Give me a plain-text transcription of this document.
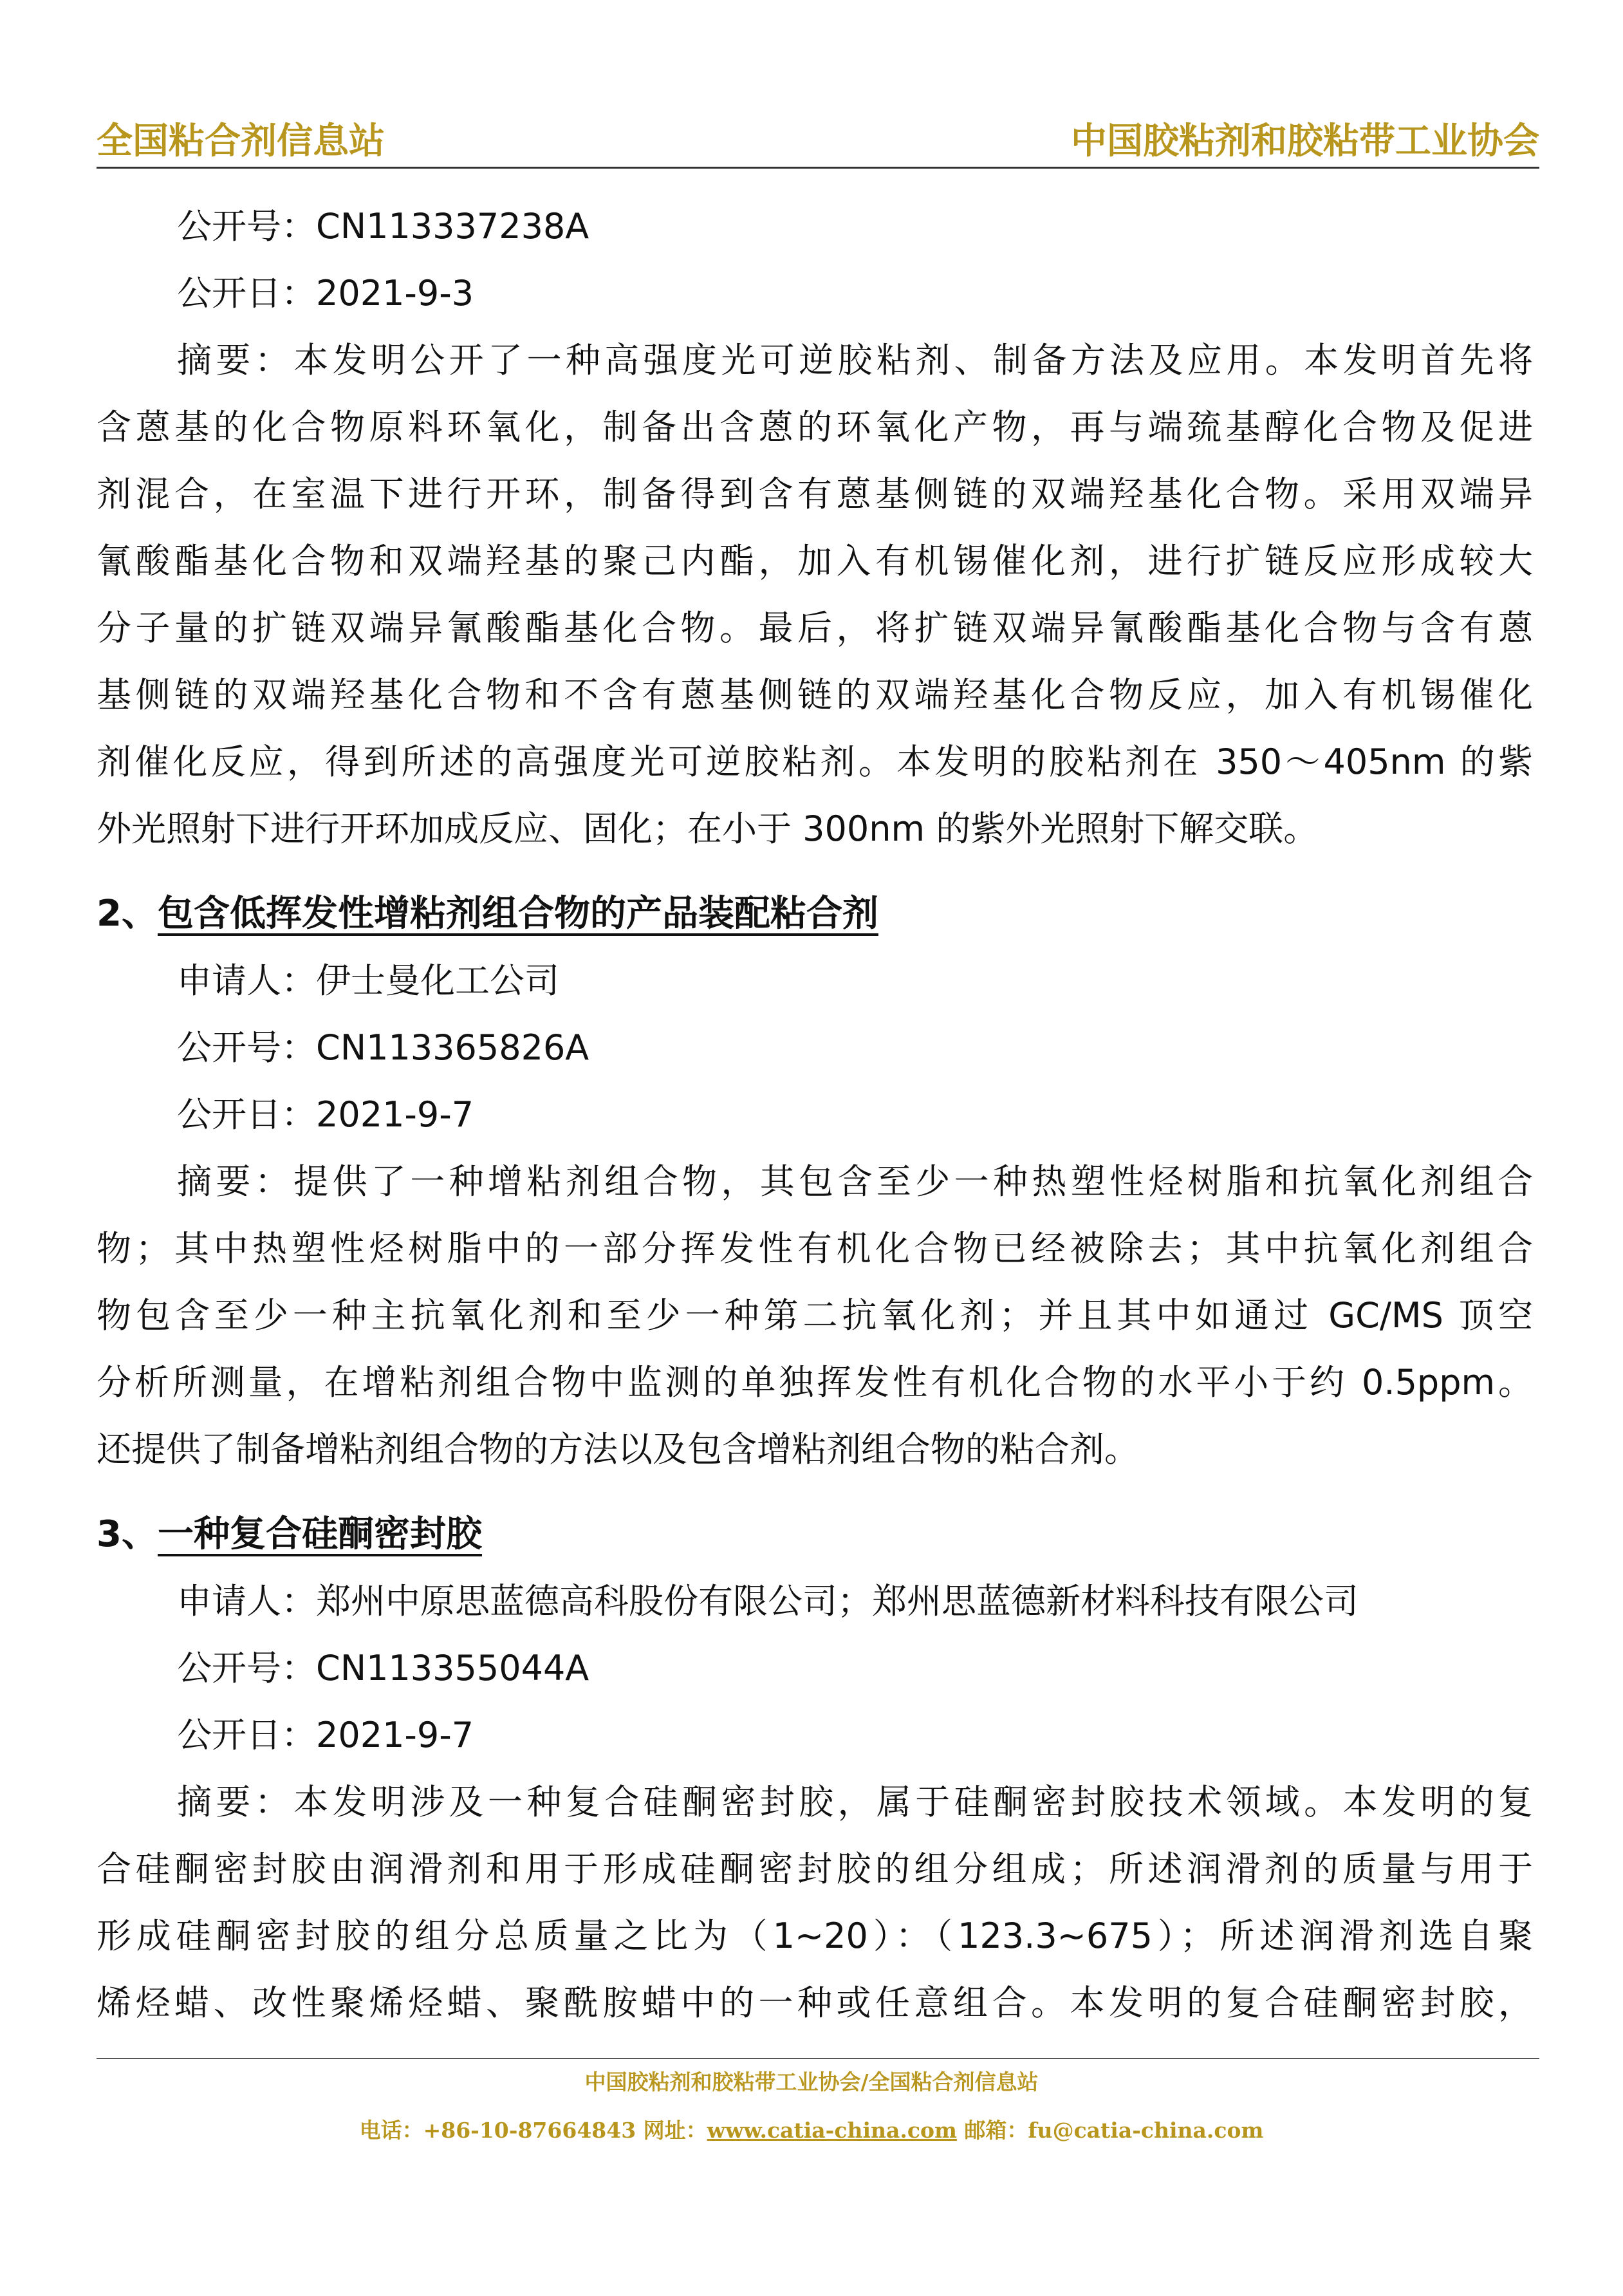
全国粘合剂信息站	中国胶粘剂和胶粘带工业协会
公开号：CN113337238A
公开日：2021-9-3
摘要：本发明公开了一种高强度光可逆胶粘剂、制备方法及应用。本发明首先将
含蒽基的化合物原料环氧化，制备出含蒽的环氧化产物，再与端巯基醇化合物及促进
剂混合，在室温下进行开环，制备得到含有蒽基侧链的双端羟基化合物。采用双端异
氰酸酯基化合物和双端羟基的聚己内酯，加入有机锡催化剂，进行扩链反应形成较大
分子量的扩链双端异氰酸酯基化合物。最后，将扩链双端异氰酸酯基化合物与含有蒽
基侧链的双端羟基化合物和不含有蒽基侧链的双端羟基化合物反应，加入有机锡催化
剂催化反应，得到所述的高强度光可逆胶粘剂。本发明的胶粘剂在 350～405nm 的紫
外光照射下进行开环加成反应、固化；在小于 300nm 的紫外光照射下解交联。
2、包含低挥发性增粘剂组合物的产品装配粘合剂
申请人：伊士曼化工公司
公开号：CN113365826A
公开日：2021-9-7
摘要：提供了一种增粘剂组合物，其包含至少一种热塑性烃树脂和抗氧化剂组合
物；其中热塑性烃树脂中的一部分挥发性有机化合物已经被除去；其中抗氧化剂组合
物包含至少一种主抗氧化剂和至少一种第二抗氧化剂；并且其中如通过 GC/MS 顶空
分析所测量，在增粘剂组合物中监测的单独挥发性有机化合物的水平小于约 0.5ppm。
还提供了制备增粘剂组合物的方法以及包含增粘剂组合物的粘合剂。
3、一种复合硅酮密封胶
申请人：郑州中原思蓝德高科股份有限公司；郑州思蓝德新材料科技有限公司
公开号：CN113355044A
公开日：2021-9-7
摘要：本发明涉及一种复合硅酮密封胶，属于硅酮密封胶技术领域。本发明的复
合硅酮密封胶由润滑剂和用于形成硅酮密封胶的组分组成；所述润滑剂的质量与用于
形成硅酮密封胶的组分总质量之比为（1~20）：（123.3~675）；所述润滑剂选自聚
烯烃蜡、改性聚烯烃蜡、聚酰胺蜡中的一种或任意组合。本发明的复合硅酮密封胶，
中国胶粘剂和胶粘带工业协会/全国粘合剂信息站
电话：+86-10-87664843 网址：www.catia-china.com 邮箱：fu@catia-china.com
